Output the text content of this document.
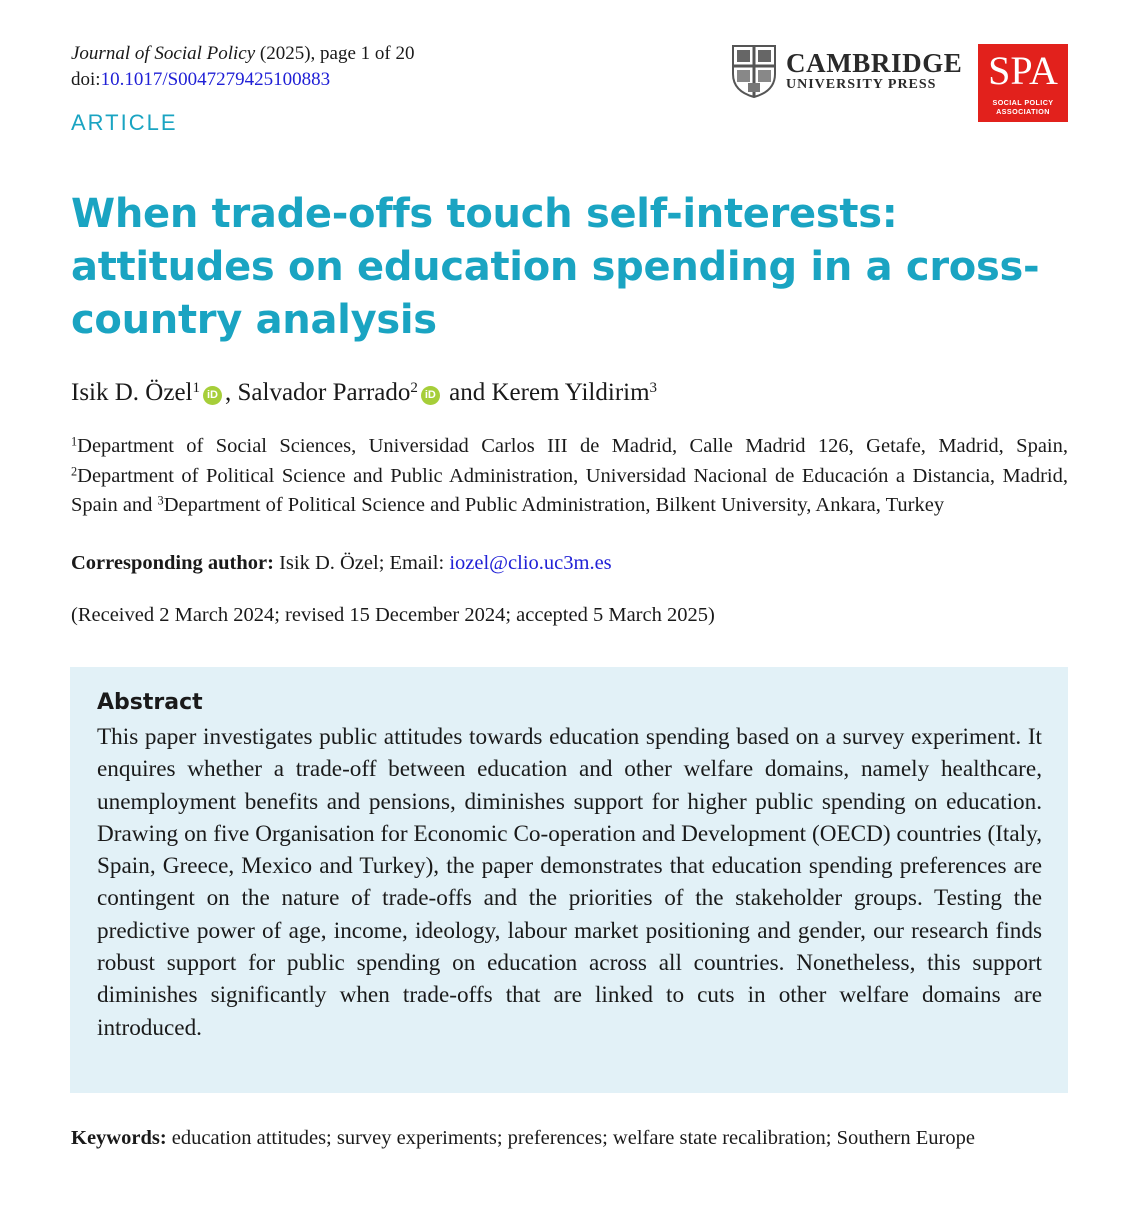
Journal of Social Policy (2025), page 1 of 20
doi:10.1017/S0047279425100883
CAMBRIDGE
UNIVERSITY PRESS	SPA
SOCIAL POLICY
ASSOCIATION
ARTICLE
When trade-offs touch self-interests: attitudes on education spending in a cross-country analysis
Isik D. Özel$^1$ iD , Salvador Parrado$^2$ iD and Kerem Yildirim$^3$
$^1$Department of Social Sciences, Universidad Carlos III de Madrid, Calle Madrid 126, Getafe, Madrid, Spain, $^2$Department of Political Science and Public Administration, Universidad Nacional de Educación a Distancia, Madrid, Spain and $^3$Department of Political Science and Public Administration, Bilkent University, Ankara, Turkey
Corresponding author: Isik D. Özel; Email: iozel@clio.uc3m.es
(Received 2 March 2024; revised 15 December 2024; accepted 5 March 2025)
Abstract

This paper investigates public attitudes towards education spending based on a survey experiment. It enquires whether a trade-off between education and other welfare domains, namely healthcare, unemployment benefits and pensions, diminishes support for higher public spending on education. Drawing on five Organisation for Economic Co-operation and Development (OECD) countries (Italy, Spain, Greece, Mexico and Turkey), the paper demonstrates that education spending preferences are contingent on the nature of trade-offs and the priorities of the stakeholder groups. Testing the predictive power of age, income, ideology, labour market positioning and gender, our research finds robust support for public spending on education across all countries. Nonetheless, this support diminishes significantly when trade-offs that are linked to cuts in other welfare domains are introduced.

Keywords: education attitudes; survey experiments; preferences; welfare state recalibration; Southern Europe
